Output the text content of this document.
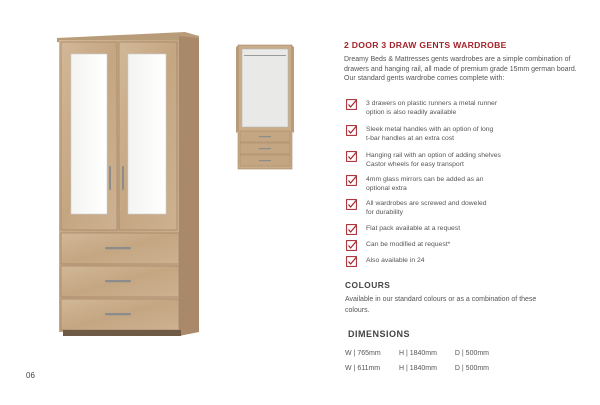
2 DOOR 3 DRAW GENTS WARDROBE
Dreamy Beds & Mattresses gents wardrobes are a simple combination of drawers and hanging rail, all made of premium grade 15mm german board. Our standard gents wardrobe comes complete with:
3 drawers on plastic runners a metal runner
option is also readily available
Sleek metal handles with an option of long
t-bar handles at an extra cost
Hanging rail with an option of adding shelves
Castor wheels for easy transport
4mm glass mirrors can be added as an
optional extra
All wardrobes are screwed and doweled
for durability
Flat pack available at a request
Can be modified at request*
Also available in 24
COLOURS
Available in our standard colours or as a combination of these colours.
DIMENSIONS
W | 765mm	H | 1840mm	D | 500mm
W | 611mm	H | 1840mm	D | 500mm
06
